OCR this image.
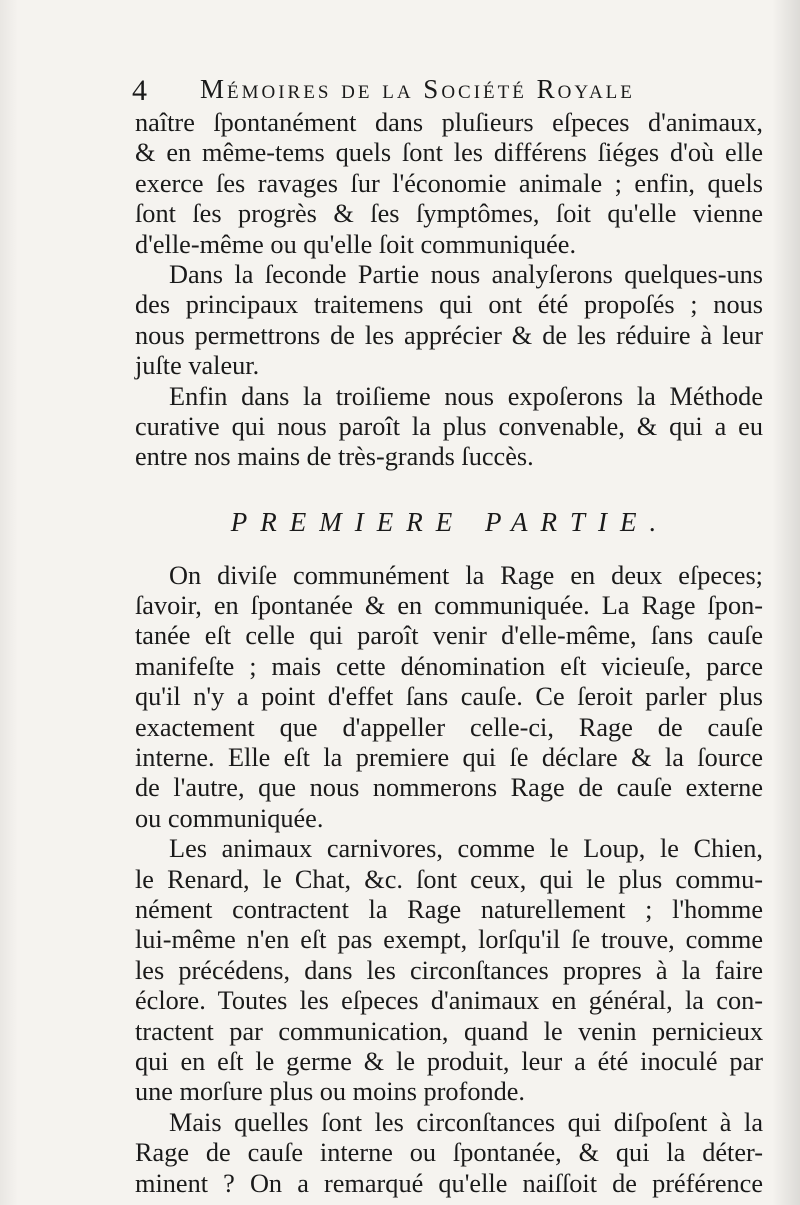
4 Mémoires de la Société Royale
naître ſpontanément dans pluſieurs eſpeces d'animaux,
& en même-tems quels ſont les différens ſiéges d'où elle
exerce ſes ravages ſur l'économie animale ; enfin, quels
ſont ſes progrès & ſes ſymptômes, ſoit qu'elle vienne
d'elle-même ou qu'elle ſoit communiquée.
Dans la ſeconde Partie nous analyſerons quelques-uns
des principaux traitemens qui ont été propoſés ; nous
nous permettrons de les apprécier & de les réduire à leur
juſte valeur.
Enfin dans la troiſieme nous expoſerons la Méthode
curative qui nous paroît la plus convenable, & qui a eu
entre nos mains de très-grands ſuccès.
PREMIERE PARTIE.
On diviſe communément la Rage en deux eſpeces;
ſavoir, en ſpontanée & en communiquée. La Rage ſpon-
tanée eſt celle qui paroît venir d'elle-même, ſans cauſe
manifeſte ; mais cette dénomination eſt vicieuſe, parce
qu'il n'y a point d'effet ſans cauſe. Ce ſeroit parler plus
exactement que d'appeller celle-ci, Rage de cauſe
interne. Elle eſt la premiere qui ſe déclare & la ſource
de l'autre, que nous nommerons Rage de cauſe externe
ou communiquée.
Les animaux carnivores, comme le Loup, le Chien,
le Renard, le Chat, &c. ſont ceux, qui le plus commu-
nément contractent la Rage naturellement ; l'homme
lui-même n'en eſt pas exempt, lorſqu'il ſe trouve, comme
les précédens, dans les circonſtances propres à la faire
éclore. Toutes les eſpeces d'animaux en général, la con-
tractent par communication, quand le venin pernicieux
qui en eſt le germe & le produit, leur a été inoculé par
une morſure plus ou moins profonde.
Mais quelles ſont les circonſtances qui diſpoſent à la
Rage de cauſe interne ou ſpontanée, & qui la déter-
minent ? On a remarqué qu'elle naiſſoit de préférence
